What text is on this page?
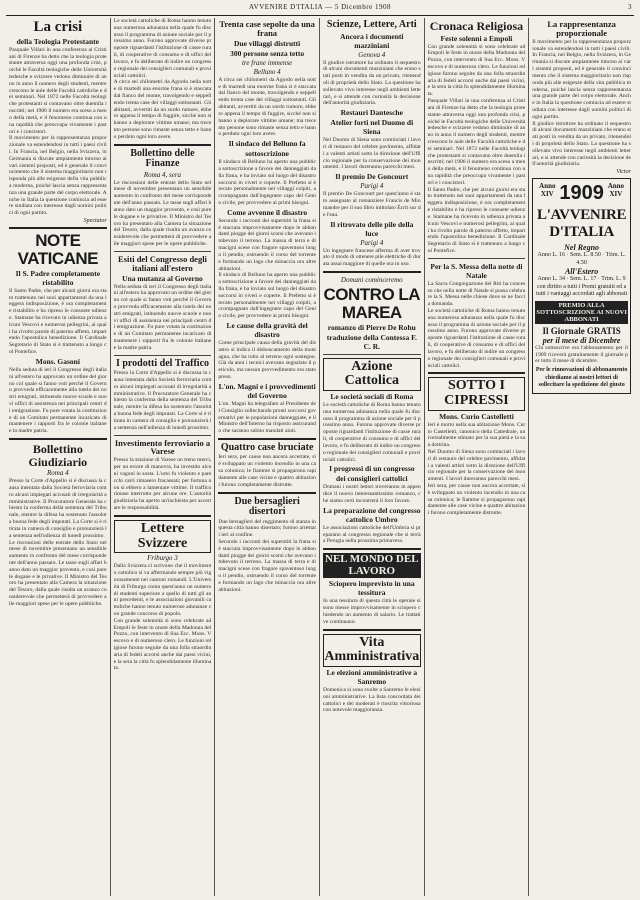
AVVENIRE D'ITALIA — 5 Dicembre 1908	3
La crisi
della Teologia Protestante

Pasquale Villari in una conferenza ai Cristiani di Firenze ha detto che la teologia protestante attraversa oggi una profonda crisi, poiché le Facoltà teologiche delle Università tedesche e svizzere vedono diminuire di anno in anno il numero degli studenti, mentre crescono le aule delle Facoltà cattoliche e dei seminari. Nel 1872 nelle Facoltà teologiche protestanti si contavano oltre duemila inscritti; nel 1906 il numero era sceso a meno della metà, e il fenomeno continua con una rapidità che preoccupa vivamente i pastori e i concistori.

Il movimento per la rappresentanza proporzionale va estendendosi in tutti i paesi civili. In Francia, nel Belgio, nella Svizzera, in Germania si discute ampiamente intorno ai vari sistemi proposti, ed è generale il convincimento che il sistema maggioritario non risponda più alle esigenze della vita pubblica moderna, poiché lascia senza rappresentanza una grande parte del corpo elettorale. Anche in Italia la questione comincia ad essere studiata con interesse dagli uomini politici di ogni partito.

Spectator
NOTE VATICANE
Il S. Padre completamente ristabilito

Il Santo Padre, che per alcuni giorni era stato trattenuto nei suoi appartamenti da una leggera indisposizione, è ora completamente ristabilito e ha ripreso le consuete udienze. Stamane ha ricevuto in udienza privata alcuni Vescovi e numerosi pellegrini, ai quali ha rivolto parole di paterno affetto, impartendo l'apostolica benedizione. Il Cardinale Segretario di Stato si è trattenuto a lungo col Pontefice.

Mons. Gasoni

Nella seduta di ieri il Congresso degli italiani all'estero ha approvato un ordine del giorno col quale si fanno voti perché il Governo provveda efficacemente alla tutela dei nostri emigrati, istituendo nuove scuole e nuovi uffici di assistenza nei principali centri di emigrazione. Fu pure votata la costituzione di un Comitato permanente incaricato di mantenere i rapporti fra le colonie italiane e la madre patria.

Bollettino Giudiziario
Roma 4

Presso la Corte d'Appello si è discussa la causa intentata dalla Società ferroviaria contro alcuni impiegati accusati di irregolarità amministrative. Il Procuratore Generale ha chiesto la conferma della sentenza del Tribunale, mentre la difesa ha sostenuto l'assoluta buona fede degli imputati. La Corte si è ritirata in camera di consiglio e pronunzierà la sentenza nell'udienza di lunedì prossimo.

Le riscossioni delle entrate dello Stato nel mese di novembre presentano un sensibile aumento in confronto del mese corrispondente dell'anno passato. Le tasse sugli affari hanno dato un maggior provento, e così pure le dogane e le privative. Il Ministro del Tesoro ha presentato alla Camera la situazione del Tesoro, dalla quale risulta un avanzo considerevole che permetterà di provvedere alle maggiori spese per le opere pubbliche.

Le società cattoliche di Roma hanno tenuto una numerosa adunanza nella quale fu discusso il programma di azione sociale per il prossimo anno. Furono approvate diverse proposte riguardanti l'istituzione di casse rurali, di cooperative di consumo e di uffici del lavoro, e fu deliberato di indire un congresso regionale dei consiglieri comunali e provinciali cattolici.

A circa sei chilometri da Agordo nella notte di martedì una enorme frana si è staccata dal fianco del monte, travolgendo e seppellendo trenta case dei villaggi sottostanti. Gli abitanti, avvertiti da un sordo rumore, ebbero appena il tempo di fuggire, sicché non si hanno a deplorare vittime umane; ma trecento persone sono rimaste senza tetto e hanno perduto ogni loro avere.

Bollettino delle Finanze
Roma 4, sera

Le riscossioni delle entrate dello Stato nel mese di novembre presentano un sensibile aumento in confronto del mese corrispondente dell'anno passato. Le tasse sugli affari hanno dato un maggior provento, e così pure le dogane e le privative. Il Ministro del Tesoro ha presentato alla Camera la situazione del Tesoro, dalla quale risulta un avanzo considerevole che permetterà di provvedere alle maggiori spese per le opere pubbliche.

Esiti del Congresso degli italiani all'estero
Una mutanza al Governo

Nella seduta di ieri il Congresso degli italiani all'estero ha approvato un ordine del giorno col quale si fanno voti perché il Governo provveda efficacemente alla tutela dei nostri emigrati, istituendo nuove scuole e nuovi uffici di assistenza nei principali centri di emigrazione. Fu pure votata la costituzione di un Comitato permanente incaricato di mantenere i rapporti fra le colonie italiane e la madre patria.

I prodotti del Traffico

Presso la Corte d'Appello si è discussa la causa intentata dalla Società ferroviaria contro alcuni impiegati accusati di irregolarità amministrative. Il Procuratore Generale ha chiesto la conferma della sentenza del Tribunale, mentre la difesa ha sostenuto l'assoluta buona fede degli imputati. La Corte si è ritirata in camera di consiglio e pronunzierà la sentenza nell'udienza di lunedì prossimo.

Investimento ferroviario a Varese

Presso la stazione di Varese un treno merci, per un errore di manovra, ha investito alcuni vagoni in sosta. L'urto fu violento e parecchi carri rimasero fracassati; per fortuna non si ebbero a lamentare vittime. Il traffico rimase interrotto per alcune ore. L'autorità giudiziaria ha aperto un'inchiesta per accertare le responsabilità.

Lettere Svizzere
Friburgo 3

Dalla Svizzera ci scrivono che il movimento cattolico si va affermando sempre più vigorosamente nei cantoni romandi. L'Università di Friburgo conta quest'anno un numero di studenti superiore a quello di tutti gli anni precedenti, e le associazioni giovanili cattoliche hanno tenuto numerose adunanze con grande concorso di popolo.

Con grande solennità si sono celebrate ad Empoli le feste in onore della Madonna del Pozzo, con intervento di Sua Ecc. Mons. Vescovo e di numeroso clero. Le funzioni religiose furono seguite da una folla straordinaria di fedeli accorsi anche dai paesi vicini, e la sera la città fu splendidamente illuminata.

Trenta case sepolte da una frana
Due villaggi distrutti
300 persone senza tetto
tre frane immense
Belluno 4

A circa sei chilometri da Agordo nella notte di martedì una enorme frana si è staccata dal fianco del monte, travolgendo e seppellendo trenta case dei villaggi sottostanti. Gli abitanti, avvertiti da un sordo rumore, ebbero appena il tempo di fuggire, sicché non si hanno a deplorare vittime umane; ma trecento persone sono rimaste senza tetto e hanno perduto ogni loro avere.

Il sindaco del Belluno fa
sottoscrizione

Il sindaco di Belluno ha aperto una pubblica sottoscrizione a favore dei danneggiati dalla frana, e ha inviato sul luogo del disastro soccorsi in viveri e coperte. Il Prefetto si è recato personalmente nei villaggi colpiti, accompagnato dall'ingegnere capo del Genio civile, per provvedere ai primi bisogni.

Come avvenne il disastro

Secondo i racconti dei superstiti la frana si è staccata improvvisamente dopo le abbondanti piogge dei giorni scorsi che avevano imbevuto il terreno. La massa di terra e di macigni scese con fragore spaventoso lungo il pendio, ostruendo il corso del torrente e formando un lago che minaccia ora altre abitazioni.

Il sindaco di Belluno ha aperto una pubblica sottoscrizione a favore dei danneggiati dalla frana, e ha inviato sul luogo del disastro soccorsi in viveri e coperte. Il Prefetto si è recato personalmente nei villaggi colpiti, accompagnato dall'ingegnere capo del Genio civile, per provvedere ai primi bisogni.

Le cause della gravità del disastro

Come principale causa della gravità del disastro si indica il disboscamento della montagna, che ha tolto al terreno ogni sostegno. Già da anni i tecnici avevano segnalato il pericolo, ma nessun provvedimento era stato preso.

L'on. Magni e i provvedimenti del Governo

L'on. Magni ha telegrafato al Presidente del Consiglio sollecitando pronti soccorsi governativi per le popolazioni danneggiate, e il Ministro dell'Interno ha risposto assicurando che saranno subito mandati aiuti.

Quattro case bruciate

Ieri sera, per cause non ancora accertate, si è sviluppato un violento incendio in una casa colonica; le fiamme si propagarono rapidamente alle case vicine e quattro abitazioni furono completamente distrutte.

Due bersaglieri disertori

Due bersaglieri del reggimento di stanza in questa città hanno disertato; furono arrestati ieri al confine.

Secondo i racconti dei superstiti la frana si è staccata improvvisamente dopo le abbondanti piogge dei giorni scorsi che avevano imbevuto il terreno. La massa di terra e di macigni scese con fragore spaventoso lungo il pendio, ostruendo il corso del torrente e formando un lago che minaccia ora altre abitazioni.

Scienze, Lettere, Arti
Ancora i documenti mazziniani
Genova 4

Il giudice istruttore ha ordinato il sequestro di alcuni documenti mazziniani che erano stati posti in vendita da un privato, ritenendoli di proprietà dello Stato. La questione ha sollevato vivo interesse negli ambienti letterari, e si attende con curiosità la decisione dell'autorità giudiziaria.

Restauri Dantesche
Atelier forti nel Duomo di Siena

Nel Duomo di Siena sono cominciati i lavori di restauro del celebre pavimento, affidati a valenti artisti sotto la direzione dell'Ufficio regionale per la conservazione dei monumenti. I lavori dureranno parecchi mesi.

Il premio De Goncourt
Parigi 4

Il premio De Goncourt per quest'anno è stato assegnato al romanziere Francis de Miomandre per il suo libro intitolato Écrit sur de l'eau.

Il ritrovato delle pile della luce
Parigi 4

Un ingegnere francese afferma di aver trovato il modo di ottenere pile elettriche di durata assai maggiore di quelle ora in uso.

Domani cominceremo
CONTRO LA MAREA
romanzo di Pierre De Rohu
traduzione della Contessa F. C. R.
Azione Cattolica
Le società sociali di Roma

Le società cattoliche di Roma hanno tenuto una numerosa adunanza nella quale fu discusso il programma di azione sociale per il prossimo anno. Furono approvate diverse proposte riguardanti l'istituzione di casse rurali, di cooperative di consumo e di uffici del lavoro, e fu deliberato di indire un congresso regionale dei consiglieri comunali e provinciali cattolici.

I progressi di un congresso
dei consiglieri cattolici

Domani i nostri lettori troveranno in appendice il nuovo interessantissimo romanzo, che siamo certi incontrerà il loro favore.

La preparazione del congresso cattolico Umbro

Le associazioni cattoliche dell'Umbria si preparano al congresso regionale che si terrà a Perugia nella prossima primavera.

NEL MONDO DEL LAVORO
Sciopero imprevisto in una tessitura

In una tessitura di questa città le operaie si sono messe improvvisamente in sciopero chiedendo un aumento di salario. Le trattative continuano.

Vita Amministrativa
Le elezioni amministrative a Sanremo

Domenica si sono svolte a Sanremo le elezioni amministrative. La lista concordata dei cattolici e dei moderati è riuscita vittoriosa con notevole maggioranza.

Cronaca Religiosa
Feste solenni a Empoli

Con grande solennità si sono celebrate ad Empoli le feste in onore della Madonna del Pozzo, con intervento di Sua Ecc. Mons. Vescovo e di numeroso clero. Le funzioni religiose furono seguite da una folla straordinaria di fedeli accorsi anche dai paesi vicini, e la sera la città fu splendidamente illuminata.

Pasquale Villari in una conferenza ai Cristiani di Firenze ha detto che la teologia protestante attraversa oggi una profonda crisi, poiché le Facoltà teologiche delle Università tedesche e svizzere vedono diminuire di anno in anno il numero degli studenti, mentre crescono le aule delle Facoltà cattoliche e dei seminari. Nel 1872 nelle Facoltà teologiche protestanti si contavano oltre duemila inscritti; nel 1906 il numero era sceso a meno della metà, e il fenomeno continua con una rapidità che preoccupa vivamente i pastori e i concistori.

Il Santo Padre, che per alcuni giorni era stato trattenuto nei suoi appartamenti da una leggera indisposizione, è ora completamente ristabilito e ha ripreso le consuete udienze. Stamane ha ricevuto in udienza privata alcuni Vescovi e numerosi pellegrini, ai quali ha rivolto parole di paterno affetto, impartendo l'apostolica benedizione. Il Cardinale Segretario di Stato si è trattenuto a lungo col Pontefice.

Per la S. Messa della notte di Natale

La Sacra Congregazione dei Riti ha concesso che nella notte di Natale si possa celebrare la S. Messa nelle chiese dove se ne faccia domanda.

Le società cattoliche di Roma hanno tenuto una numerosa adunanza nella quale fu discusso il programma di azione sociale per il prossimo anno. Furono approvate diverse proposte riguardanti l'istituzione di casse rurali, di cooperative di consumo e di uffici del lavoro, e fu deliberato di indire un congresso regionale dei consiglieri comunali e provinciali cattolici.

SOTTO I CIPRESSI
Mons. Curio Castelletti

Ieri è morto nella sua abitazione Mons. Curio Castelletti, canonico della Cattedrale, universalmente stimato per la sua pietà e la sua dottrina.

Nel Duomo di Siena sono cominciati i lavori di restauro del celebre pavimento, affidati a valenti artisti sotto la direzione dell'Ufficio regionale per la conservazione dei monumenti. I lavori dureranno parecchi mesi.

Ieri sera, per cause non ancora accertate, si è sviluppato un violento incendio in una casa colonica; le fiamme si propagarono rapidamente alle case vicine e quattro abitazioni furono completamente distrutte.

La rappresentanza proporzionale

Il movimento per la rappresentanza proporzionale va estendendosi in tutti i paesi civili. In Francia, nel Belgio, nella Svizzera, in Germania si discute ampiamente intorno ai vari sistemi proposti, ed è generale il convincimento che il sistema maggioritario non risponda più alle esigenze della vita pubblica moderna, poiché lascia senza rappresentanza una grande parte del corpo elettorale. Anche in Italia la questione comincia ad essere studiata con interesse dagli uomini politici di ogni partito.

Il giudice istruttore ha ordinato il sequestro di alcuni documenti mazziniani che erano stati posti in vendita da un privato, ritenendoli di proprietà dello Stato. La questione ha sollevato vivo interesse negli ambienti letterari, e si attende con curiosità la decisione dell'autorità giudiziaria.

Victor
Anno XIV 1909 Anno XIV
L'AVVENIRE D'ITALIA
Nel Regno
Anno L. 16 · Sem. L. 8.50 · Trim. L. 4.50
All'Estero
Anno L. 34 · Sem. L. 17 · Trim. L. 9
con diritto a tutti i Premi gratuiti ed a tutti i vantaggi accordati agli abbonati
PREMIO ALLA SOTTOSCRIZIONE AI NUOVI ABBONATI
Il Giornale GRATIS
per il mese di Dicembre

Chi sottoscrive ora l'abbonamento per il 1909 riceverà gratuitamente il giornale per tutto il mese di dicembre.

Per le rinnovazioni di abbonamento chiediamo ai nostri lettori di sollecitare la spedizione del giusto
